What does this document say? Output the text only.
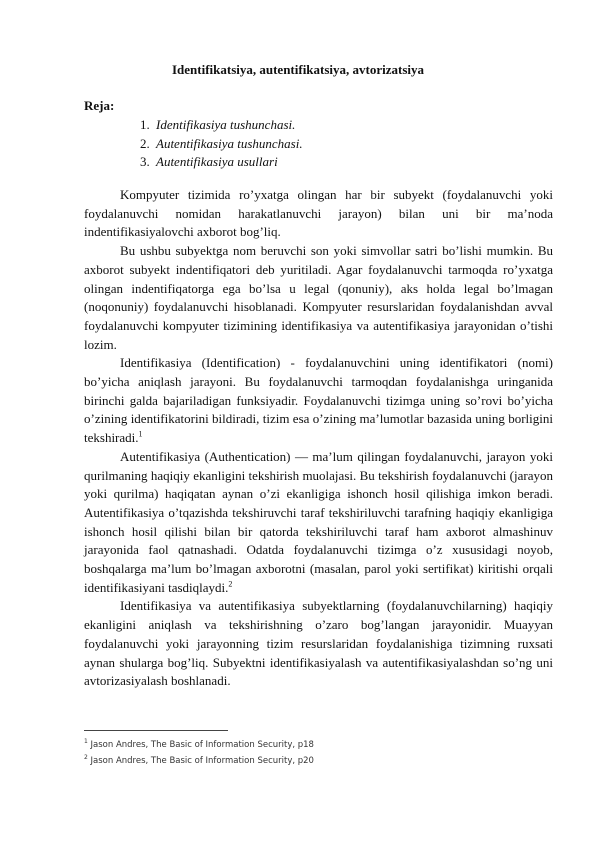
Identifikatsiya, autentifikatsiya, avtorizatsiya
Reja:
1. Identifikasiya tushunchasi.
2. Autentifikasiya tushunchasi.
3. Autentifikasiya usullari

Kompyuter tizimida ro’yxatga olingan har bir subyekt (foydalanuvchi yoki foydalanuvchi nomidan harakatlanuvchi jarayon) bilan uni bir ma’noda indentifikasiyalovchi axborot bog’liq.

Bu ushbu subyektga nom beruvchi son yoki simvollar satri bo’lishi mumkin. Bu axborot subyekt indentifiqatori deb yuritiladi. Agar foydalanuvchi tarmoqda ro’yxatga olingan indentifiqatorga ega bo’lsa u legal (qonuniy), aks holda legal bo’lmagan (noqonuniy) foydalanuvchi hisoblanadi. Kompyuter resurslaridan foydalanishdan avval foydalanuvchi kompyuter tizimining identifikasiya va autentifikasiya jarayonidan o’tishi lozim.

Identifikasiya (Identification) - foydalanuvchini uning identifikatori (nomi) bo’yicha aniqlash jarayoni. Bu foydalanuvchi tarmoqdan foydalanishga uringanida birinchi galda bajariladigan funksiyadir. Foydalanuvchi tizimga uning so’rovi bo’yicha o’zining identifikatorini bildiradi, tizim esa o’zining ma’lumotlar bazasida uning borligini tekshiradi.$^1$

Autentifikasiya (Authentication) — ma’lum qilingan foydalanuvchi, jarayon yoki qurilmaning haqiqiy ekanligini tekshirish muolajasi. Bu tekshirish foydalanuvchi (jarayon yoki qurilma) haqiqatan aynan o’zi ekanligiga ishonch hosil qilishiga imkon beradi. Autentifikasiya o’tqazishda tekshiruvchi taraf tekshiriluvchi tarafning haqiqiy ekanligiga ishonch hosil qilishi bilan bir qatorda tekshiriluvchi taraf ham axborot almashinuv jarayonida faol qatnashadi. Odatda foydalanuvchi tizimga o’z xususidagi noyob, boshqalarga ma’lum bo’lmagan axborotni (masalan, parol yoki sertifikat) kiritishi orqali identifikasiyani tasdiqlaydi.$^2$

Identifikasiya va autentifikasiya subyektlarning (foydalanuvchilarning) haqiqiy ekanligini aniqlash va tekshirishning o’zaro bog’langan jarayonidir. Muayyan foydalanuvchi yoki jarayonning tizim resurslaridan foydalanishiga tizimning ruxsati aynan shularga bog’liq. Subyektni identifikasiyalash va autentifikasiyalashdan so’ng uni avtorizasiyalash boshlanadi.

$^1$ Jason Andres, The Basic of Information Security, p18
$^2$ Jason Andres, The Basic of Information Security, p20
